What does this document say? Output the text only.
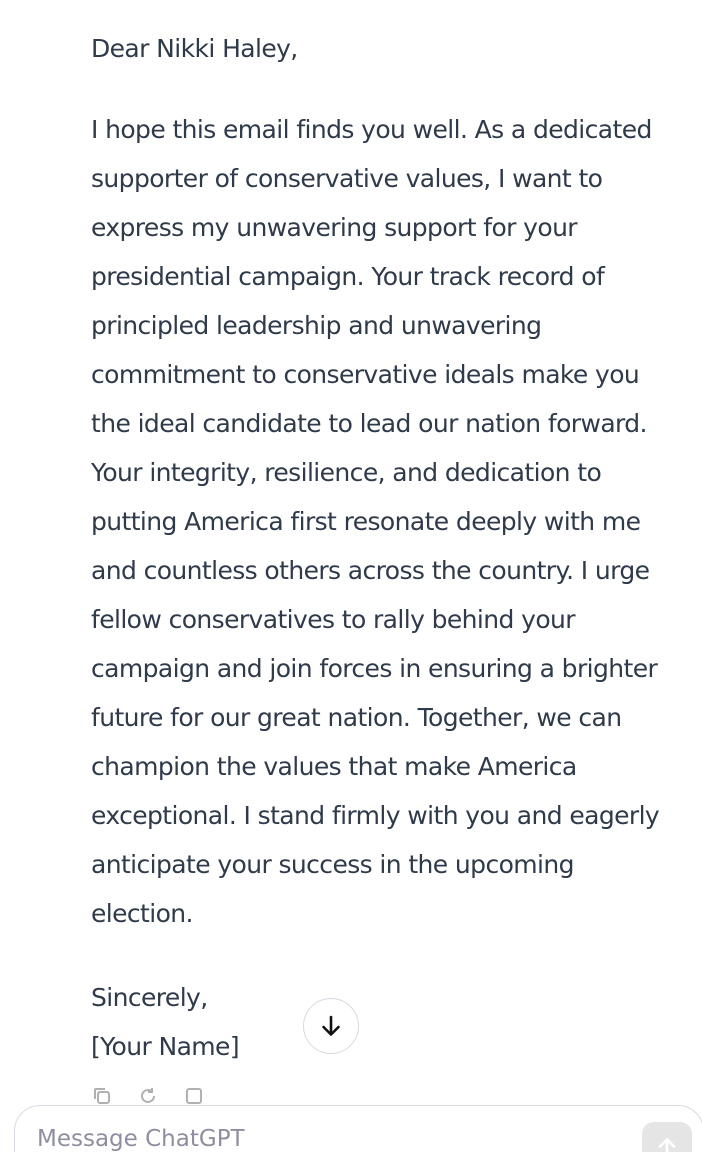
Dear Nikki Haley,

I hope this email finds you well. As a dedicated supporter of conservative values, I want to express my unwavering support for your presidential campaign. Your track record of principled leadership and unwavering commitment to conservative ideals make you the ideal candidate to lead our nation forward. Your integrity, resilience, and dedication to putting America first resonate deeply with me and countless others across the country. I urge fellow conservatives to rally behind your campaign and join forces in ensuring a brighter future for our great nation. Together, we can champion the values that make America exceptional. I stand firmly with you and eagerly anticipate your success in the upcoming election.

Sincerely,

[Your Name]

Message ChatGPT
